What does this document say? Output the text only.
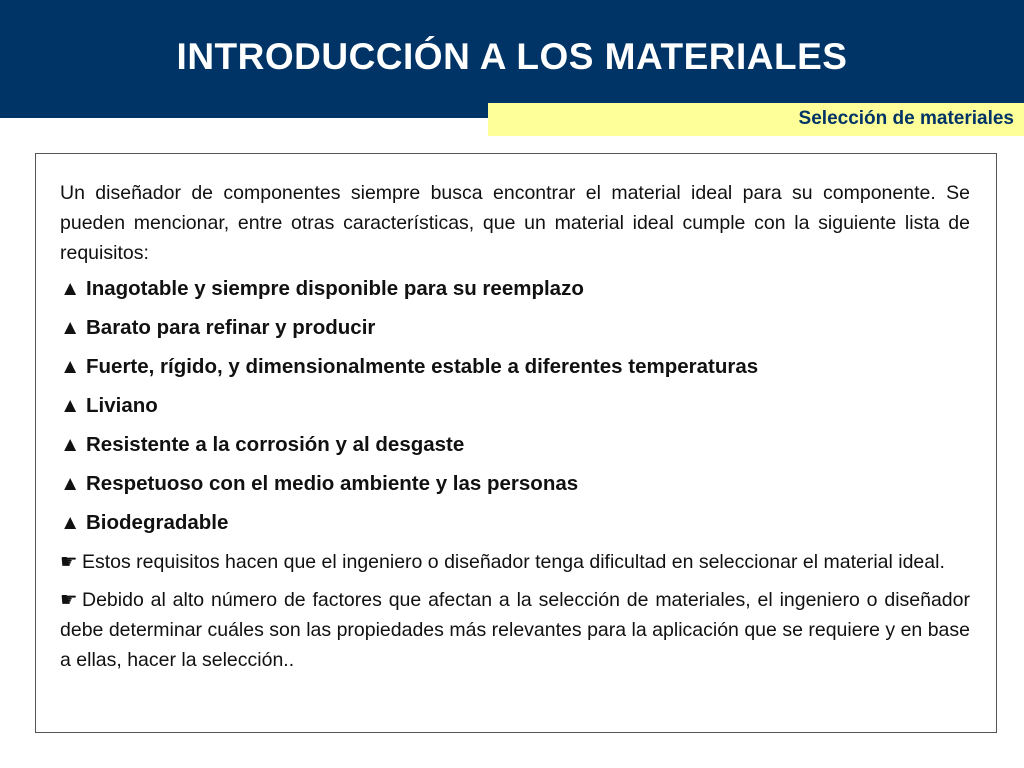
INTRODUCCIÓN A LOS MATERIALES
Selección de materiales

Un diseñador de componentes siempre busca encontrar el material ideal para su componente. Se pueden mencionar, entre otras características, que un material ideal cumple con la siguiente lista de requisitos:

▲ Inagotable y siempre disponible para su reemplazo
▲ Barato para refinar y producir
▲ Fuerte, rígido, y dimensionalmente estable a diferentes temperaturas
▲ Liviano
▲ Resistente a la corrosión y al desgaste
▲ Respetuoso con el medio ambiente y las personas
▲ Biodegradable

☛ Estos requisitos hacen que el ingeniero o diseñador tenga dificultad en seleccionar el material ideal.

☛ Debido al alto número de factores que afectan a la selección de materiales, el ingeniero o diseñador debe determinar cuáles son las propiedades más relevantes para la aplicación que se requiere y en base a ellas, hacer la selección..
